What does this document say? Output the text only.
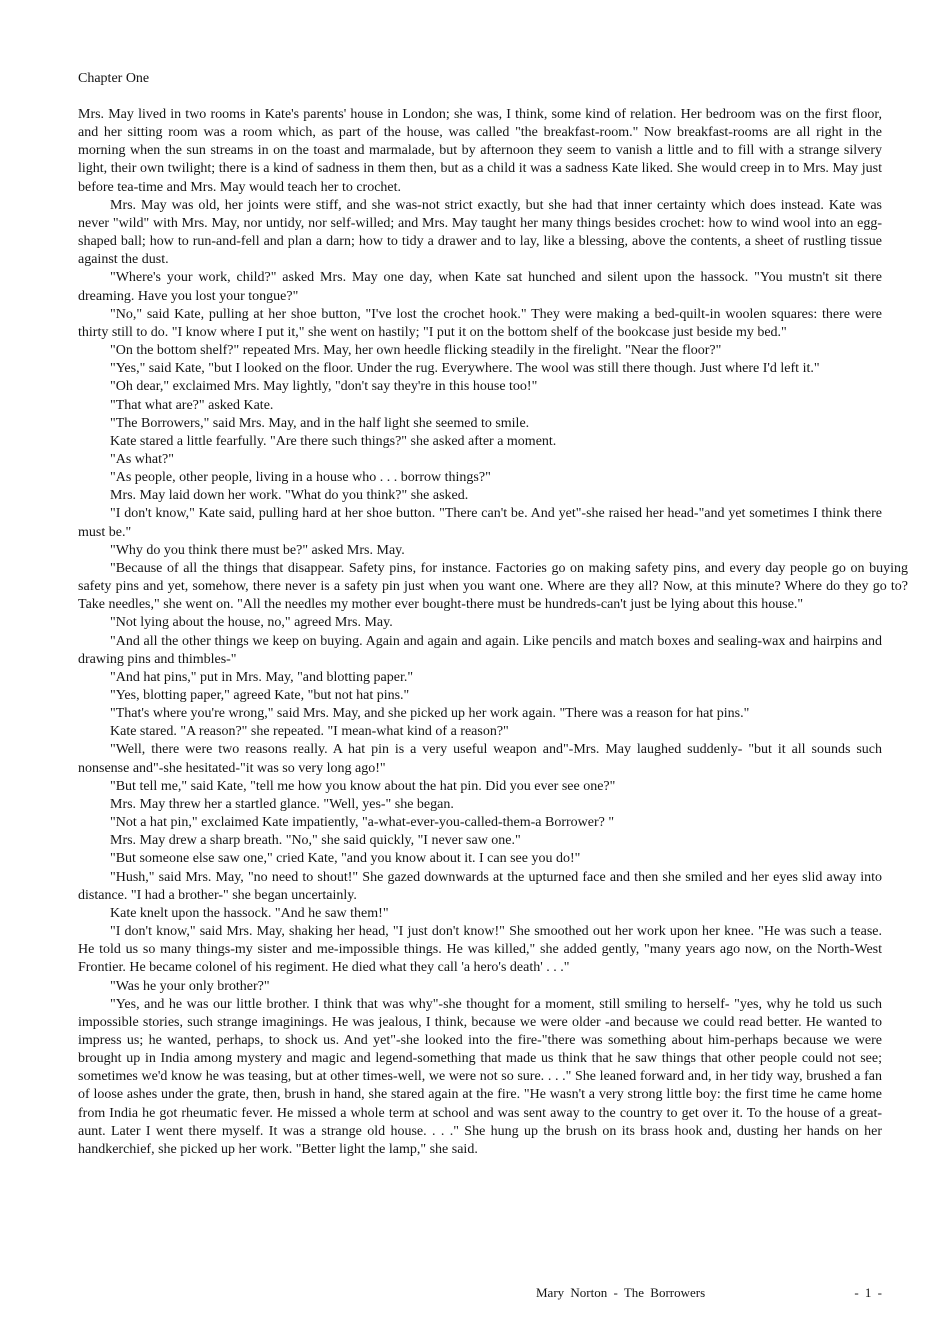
Chapter One

Mrs. May lived in two rooms in Kate's parents' house in London; she was, I think, some kind of relation. Her bedroom was on the first floor, and her sitting room was a room which, as part of the house, was called "the breakfast-room." Now breakfast-rooms are all right in the morning when the sun streams in on the toast and marmalade, but by afternoon they seem to vanish a little and to fill with a strange silvery light, their own twilight; there is a kind of sadness in them then, but as a child it was a sadness Kate liked. She would creep in to Mrs. May just before tea-time and Mrs. May would teach her to crochet.

Mrs. May was old, her joints were stiff, and she was-not strict exactly, but she had that inner certainty which does instead. Kate was never "wild" with Mrs. May, nor untidy, nor self-willed; and Mrs. May taught her many things besides crochet: how to wind wool into an egg-shaped ball; how to run-and-fell and plan a darn; how to tidy a drawer and to lay, like a blessing, above the contents, a sheet of rustling tissue against the dust.

"Where's your work, child?" asked Mrs. May one day, when Kate sat hunched and silent upon the hassock. "You mustn't sit there dreaming. Have you lost your tongue?"

"No," said Kate, pulling at her shoe button, "I've lost the crochet hook." They were making a bed-quilt-in woolen squares: there were thirty still to do. "I know where I put it," she went on hastily; "I put it on the bottom shelf of the bookcase just beside my bed."

"On the bottom shelf?" repeated Mrs. May, her own heedle flicking steadily in the firelight. "Near the floor?"

"Yes," said Kate, "but I looked on the floor. Under the rug. Everywhere. The wool was still there though. Just where I'd left it."

"Oh dear," exclaimed Mrs. May lightly, "don't say they're in this house too!"

"That what are?" asked Kate.

"The Borrowers," said Mrs. May, and in the half light she seemed to smile.

Kate stared a little fearfully. "Are there such things?" she asked after a moment.

"As what?"

"As people, other people, living in a house who . . . borrow things?"

Mrs. May laid down her work. "What do you think?" she asked.

"I don't know," Kate said, pulling hard at her shoe button. "There can't be. And yet"-she raised her head-"and yet sometimes I think there must be."

"Why do you think there must be?" asked Mrs. May.

"Because of all the things that disappear. Safety pins, for instance. Factories go on making safety pins, and every day people go on buying safety pins and yet, somehow, there never is a safety pin just when you want one. Where are they all? Now, at this minute? Where do they go to? Take needles," she went on. "All the needles my mother ever bought-there must be hundreds-can't just be lying about this house."

"Not lying about the house, no," agreed Mrs. May.

"And all the other things we keep on buying. Again and again and again. Like pencils and match boxes and sealing-wax and hairpins and drawing pins and thimbles-"

"And hat pins," put in Mrs. May, "and blotting paper."

"Yes, blotting paper," agreed Kate, "but not hat pins."

"That's where you're wrong," said Mrs. May, and she picked up her work again. "There was a reason for hat pins."

Kate stared. "A reason?" she repeated. "I mean-what kind of a reason?"

"Well, there were two reasons really. A hat pin is a very useful weapon and"-Mrs. May laughed suddenly- "but it all sounds such nonsense and"-she hesitated-"it was so very long ago!"

"But tell me," said Kate, "tell me how you know about the hat pin. Did you ever see one?"

Mrs. May threw her a startled glance. "Well, yes-" she began.

"Not a hat pin," exclaimed Kate impatiently, "a-what-ever-you-called-them-a Borrower? "

Mrs. May drew a sharp breath. "No," she said quickly, "I never saw one."

"But someone else saw one," cried Kate, "and you know about it. I can see you do!"

"Hush," said Mrs. May, "no need to shout!" She gazed downwards at the upturned face and then she smiled and her eyes slid away into distance. "I had a brother-" she began uncertainly.

Kate knelt upon the hassock. "And he saw them!"

"I don't know," said Mrs. May, shaking her head, "I just don't know!" She smoothed out her work upon her knee. "He was such a tease. He told us so many things-my sister and me-impossible things. He was killed," she added gently, "many years ago now, on the North-West Frontier. He became colonel of his regiment. He died what they call 'a hero's death' . . ."

"Was he your only brother?"

"Yes, and he was our little brother. I think that was why"-she thought for a moment, still smiling to herself- "yes, why he told us such impossible stories, such strange imaginings. He was jealous, I think, because we were older -and because we could read better. He wanted to impress us; he wanted, perhaps, to shock us. And yet"-she looked into the fire-"there was something about him-perhaps because we were brought up in India among mystery and magic and legend-something that made us think that he saw things that other people could not see; sometimes we'd know he was teasing, but at other times-well, we were not so sure. . . ." She leaned forward and, in her tidy way, brushed a fan of loose ashes under the grate, then, brush in hand, she stared again at the fire. "He wasn't a very strong little boy: the first time he came home from India he got rheumatic fever. He missed a whole term at school and was sent away to the country to get over it. To the house of a great-aunt. Later I went there myself. It was a strange old house. . . ." She hung up the brush on its brass hook and, dusting her hands on her handkerchief, she picked up her work. "Better light the lamp," she said.

Mary Norton - The Borrowers	- 1 -
